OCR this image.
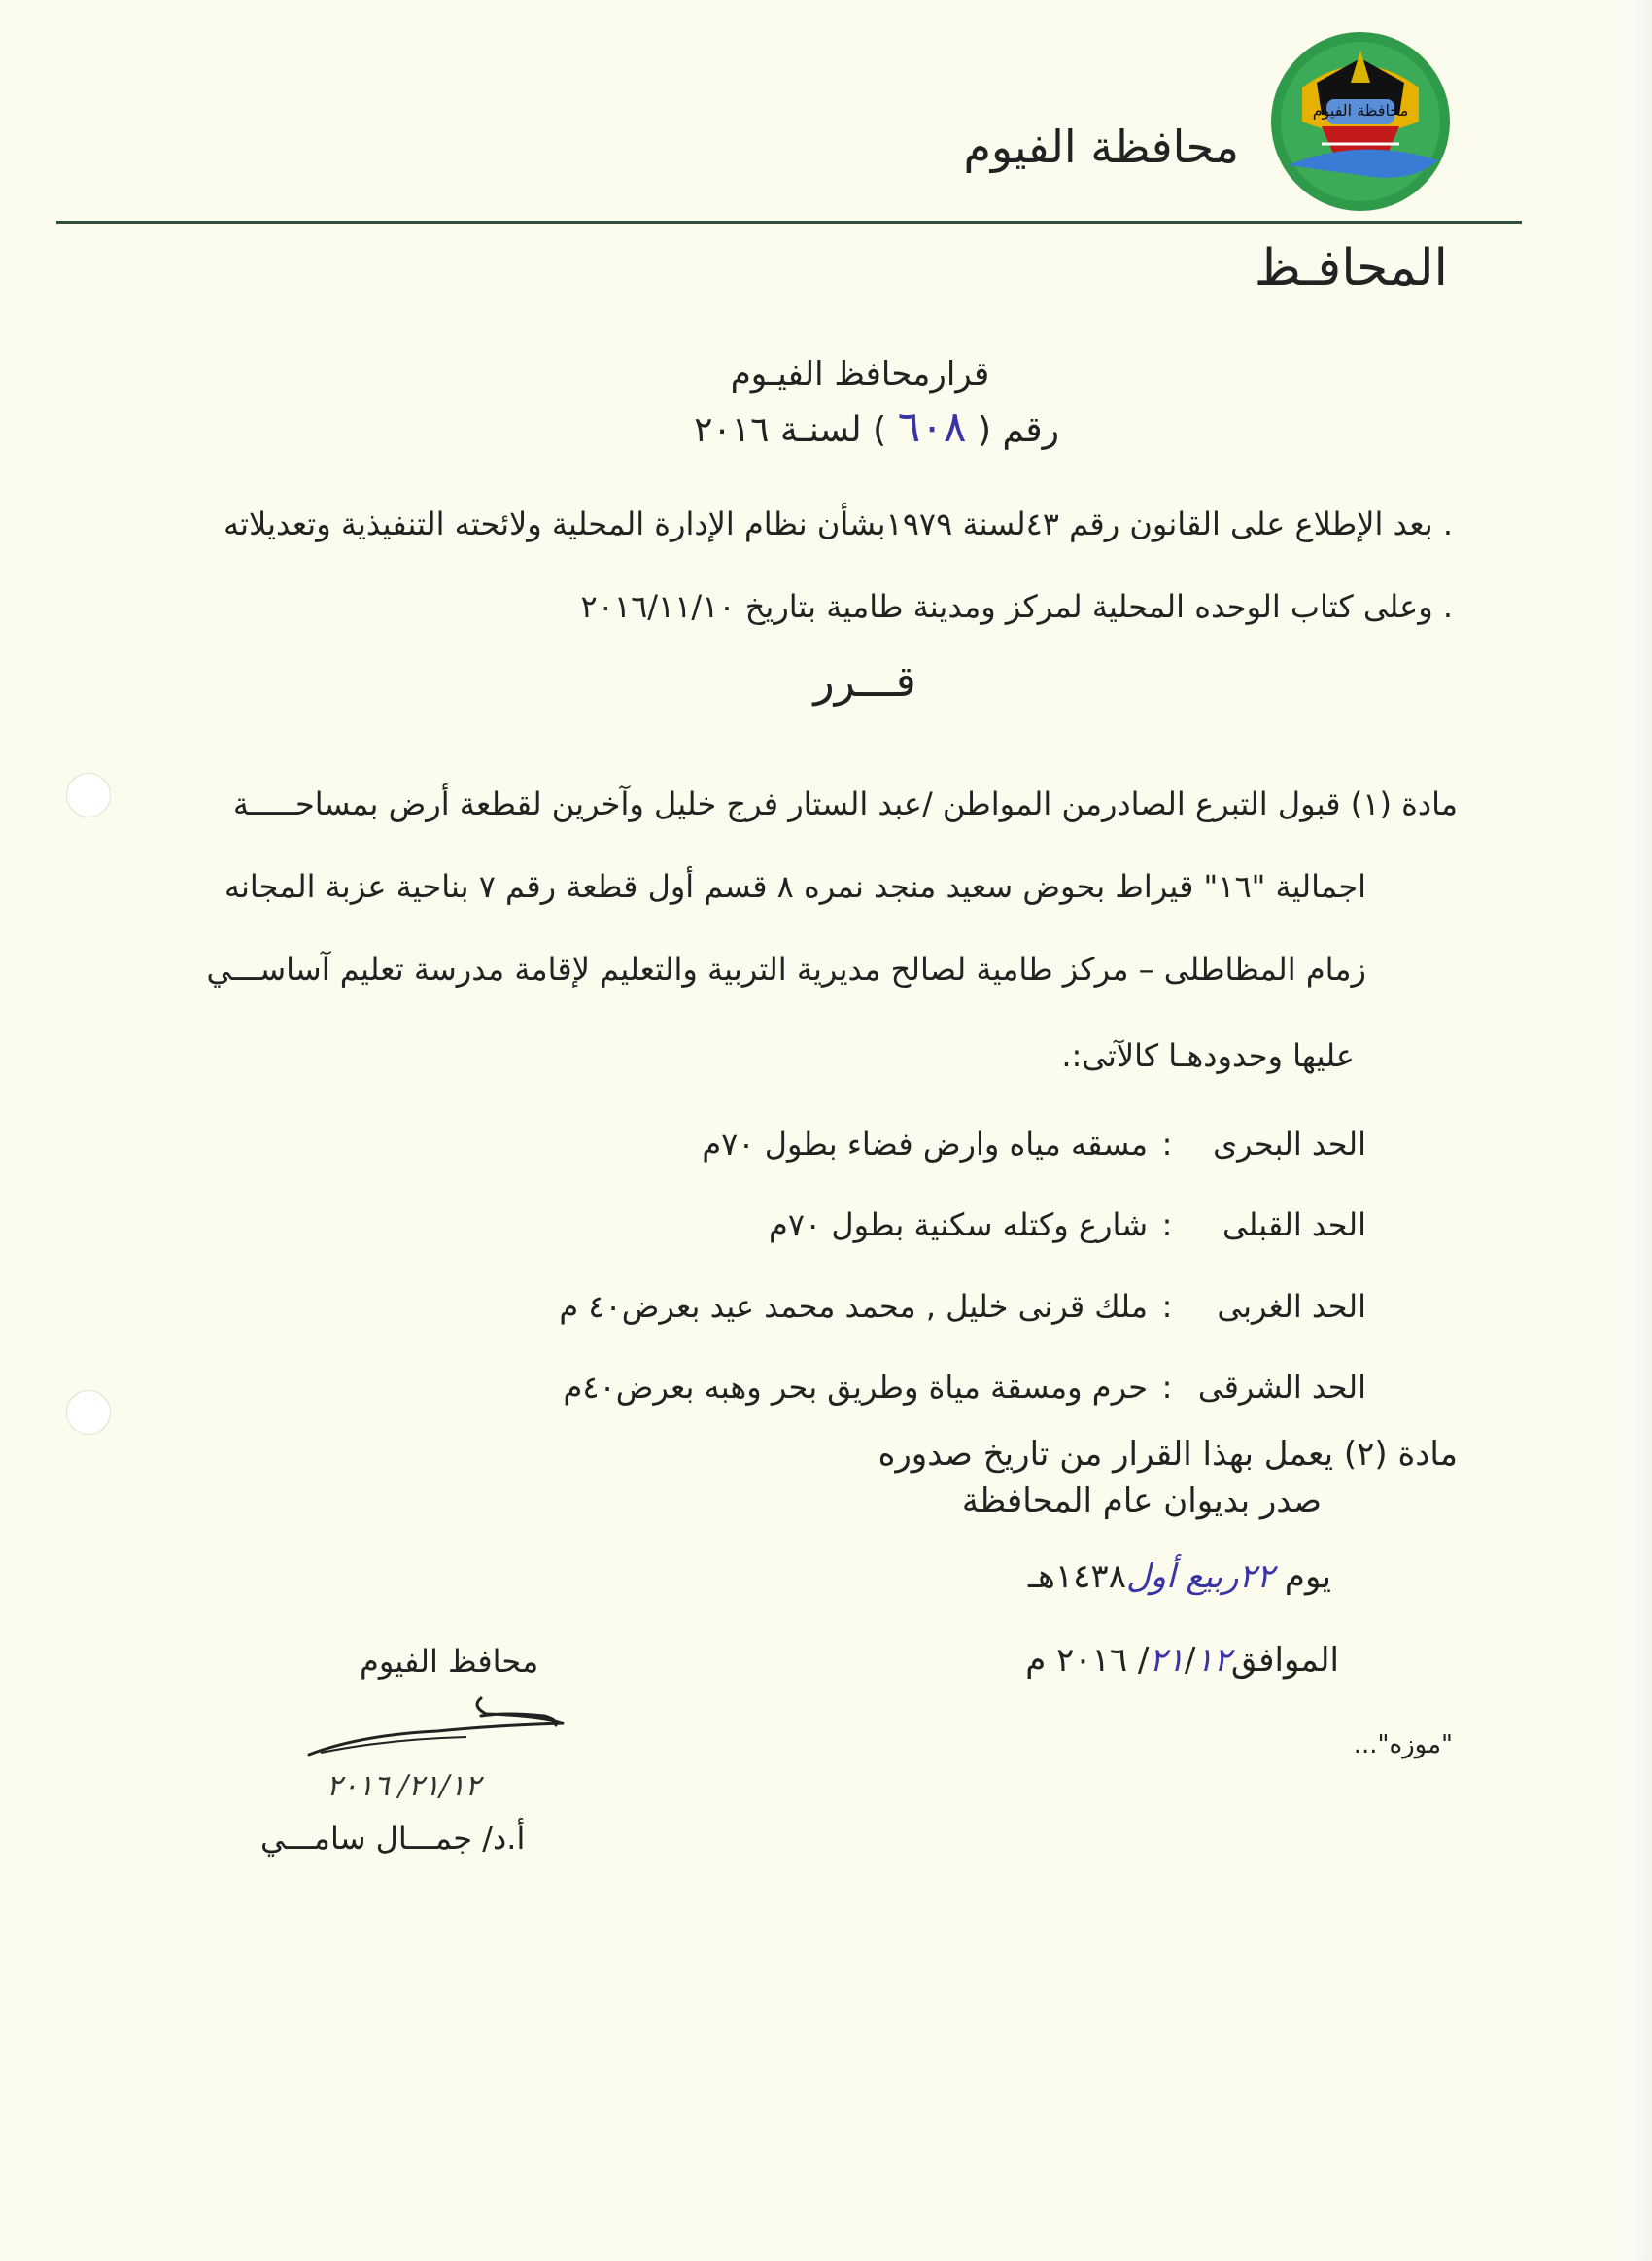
محافظة الفيوم
محافظة الفيوم
المحافـظ
قرارمحافظ الفيـوم
رقم ( ٦٠٨ ) لسنـة ٢٠١٦
. بعد الإطلاع على القانون رقم ٤٣لسنة ١٩٧٩بشأن نظام الإدارة المحلية ولائحته التنفيذية وتعديلاته
. وعلى كتاب الوحده المحلية لمركز ومدينة طامية بتاريخ ٢٠١٦/١١/١٠
قـــرر
مادة (١) قبول التبرع الصادرمن المواطن /عبد الستار فرج خليل وآخرين لقطعة أرض بمساحـــــة
اجمالية "١٦" قيراط بحوض سعيد منجد نمره ٨ قسم أول قطعة رقم ٧ بناحية عزبة المجانه
زمام المظاطلى – مركز طامية لصالح مديرية التربية والتعليم لإقامة مدرسة تعليم آساســـي
عليها وحدودهـا كالآتى:.
الحد البحرى:مسقه مياه وارض فضاء بطول ٧٠م
الحد القبلى:شارع وكتله سكنية بطول ٧٠م
الحد الغربى:ملك قرنى خليل , محمد محمد عيد بعرض٤٠ م
الحد الشرقى:حرم ومسقة مياة وطريق بحر وهبه بعرض٤٠م
مادة (٢) يعمل بهذا القرار من تاريخ صدوره
صدر بديوان عام المحافظة
يوم ٢٢ربيع أول١٤٣٨هـ
الموافق٢١/١٢/ ٢٠١٦ م
"موزه"...
محافظ الفيوم
٢١/١٢/ ٢٠١٦
أ.د/ جمـــال سامـــي
